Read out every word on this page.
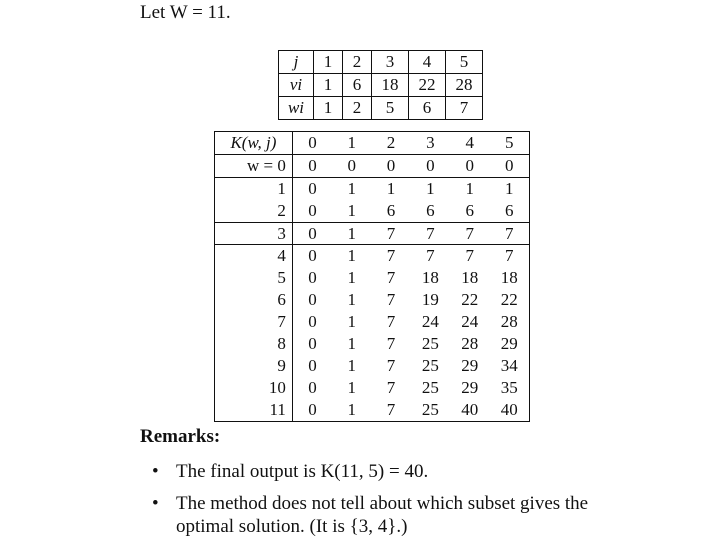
Let W = 11.
j	1	2	3	4	5
vi	1	6	18	22	28
wi	1	2	5	6	7
K(w, j)	0	1	2	3	4	5
w = 0	0	0	0	0	0	0
1	0	1	1	1	1	1
2	0	1	6	6	6	6
3	0	1	7	7	7	7
4	0	1	7	7	7	7
5	0	1	7	18	18	18
6	0	1	7	19	22	22
7	0	1	7	24	24	28
8	0	1	7	25	28	29
9	0	1	7	25	29	34
10	0	1	7	25	29	35
11	0	1	7	25	40	40
Remarks:
• The final output is K(11, 5) = 40.
• The method does not tell about which subset gives the optimal solution. (It is {3, 4}.)
